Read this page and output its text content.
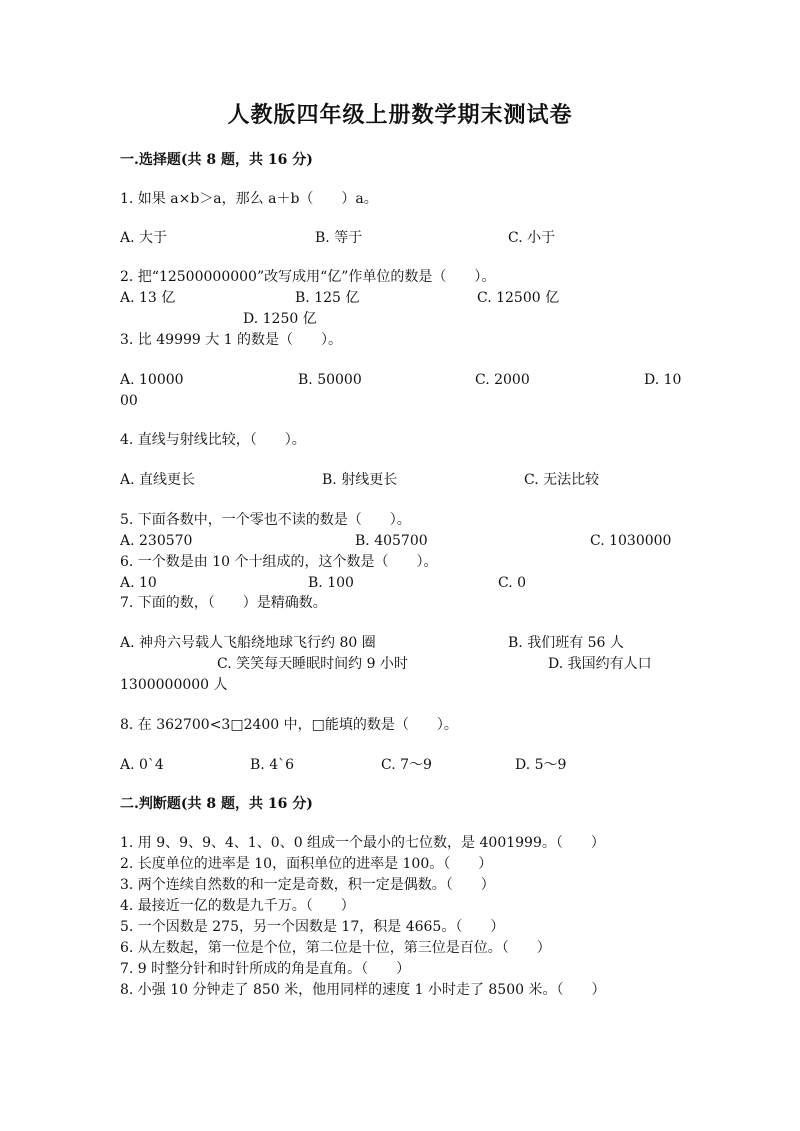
人教版四年级上册数学期末测试卷
一.选择题(共 8 题，共 16 分)
1. 如果 a×b＞a，那么 a＋b（　　）a。
A. 大于	B. 等于	C. 小于
2. 把“12500000000”改写成用“亿”作单位的数是（　　）。
A. 13 亿	B. 125 亿	C. 12500 亿
D. 1250 亿
3. 比 49999 大 1 的数是（　　）。
A. 10000	B. 50000	C. 2000	D. 10
00
4. 直线与射线比较，（　　）。
A. 直线更长	B. 射线更长	C. 无法比较
5. 下面各数中，一个零也不读的数是（　　）。
A. 230570	B. 405700	C. 1030000
6. 一个数是由 10 个十组成的，这个数是（　　）。
A. 10	B. 100	C. 0
7. 下面的数，（　　）是精确数。
A. 神舟六号载人飞船绕地球飞行约 80 圈	B. 我们班有 56 人
C. 笑笑每天睡眠时间约 9 小时	D. 我国约有人口
1300000000 人
8. 在 362700<3□2400 中，□能填的数是（　　）。
A. 0`4	B. 4`6	C. 7～9	D. 5～9
二.判断题(共 8 题，共 16 分)
1. 用 9、9、9、4、1、0、0 组成一个最小的七位数，是 4001999。（　　）
2. 长度单位的进率是 10，面积单位的进率是 100。（　　）
3. 两个连续自然数的和一定是奇数，积一定是偶数。（　　）
4. 最接近一亿的数是九千万。（　　）
5. 一个因数是 275，另一个因数是 17，积是 4665。（　　）
6. 从左数起，第一位是个位，第二位是十位，第三位是百位。（　　）
7. 9 时整分针和时针所成的角是直角。（　　）
8. 小强 10 分钟走了 850 米，他用同样的速度 1 小时走了 8500 米。（　　）
